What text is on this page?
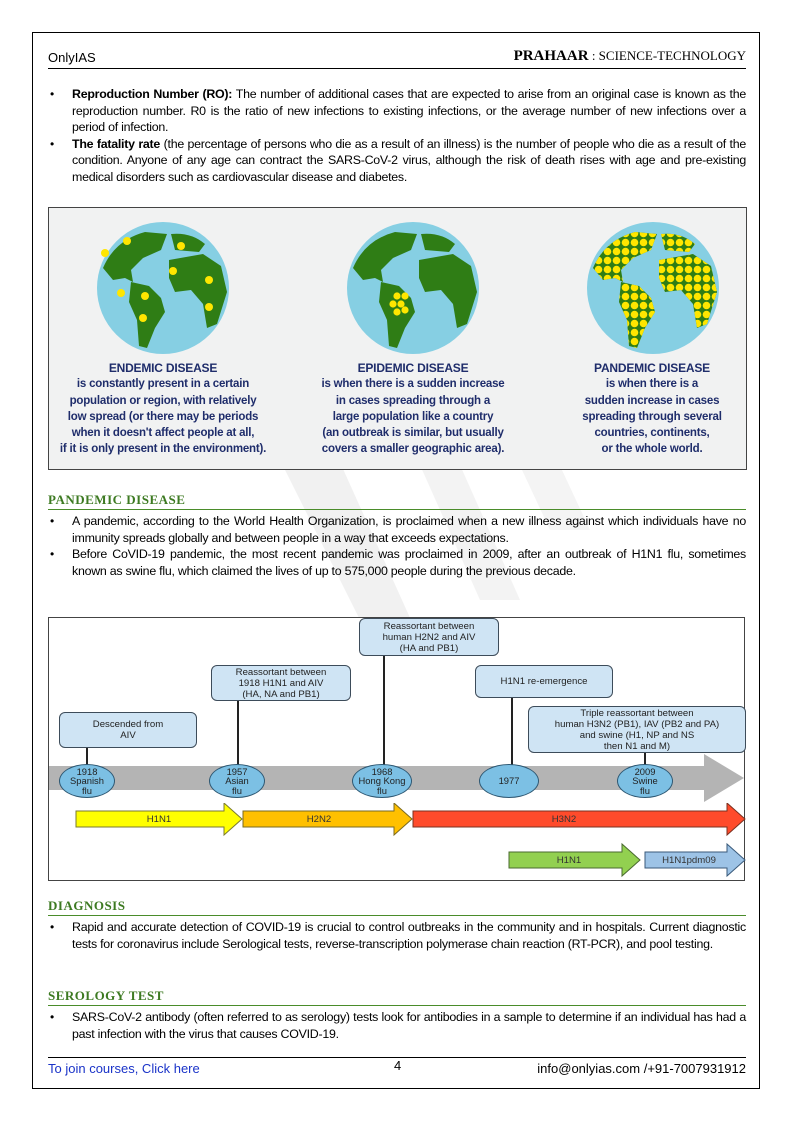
OnlyIAS	PRAHAAR : SCIENCE-TECHNOLOGY
• Reproduction Number (RO): The number of additional cases that are expected to arise from an original case is known as the reproduction number. R0 is the ratio of new infections to existing infections, or the average number of new infections over a period of infection.
• The fatality rate (the percentage of persons who die as a result of an illness) is the number of people who die as a result of the condition. Anyone of any age can contract the SARS-CoV-2 virus, although the risk of death rises with age and pre-existing medical disorders such as cardiovascular disease and diabetes.
ENDEMIC DISEASE
is constantly present in a certain
population or region, with relatively
low spread (or there may be periods
when it doesn't affect people at all,
if it is only present in the environment).
EPIDEMIC DISEASE
is when there is a sudden increase
in cases spreading through a
large population like a country
(an outbreak is similar, but usually
covers a smaller geographic area).
PANDEMIC DISEASE
is when there is a
sudden increase in cases
spreading through several
countries, continents,
or the whole world.
PANDEMIC DISEASE
• A pandemic, according to the World Health Organization, is proclaimed when a new illness against which individuals have no immunity spreads globally and between people in a way that exceeds expectations.
• Before CoVID-19 pandemic, the most recent pandemic was proclaimed in 2009, after an outbreak of H1N1 flu, sometimes known as swine flu, which claimed the lives of up to 575,000 people during the previous decade.
Descended from
AIV
Reassortant between
1918 H1N1 and AIV
(HA, NA and PB1)
Reassortant between
human H2N2 and AIV
(HA and PB1)
H1N1 re-emergence
Triple reassortant between
human H3N2 (PB1), IAV (PB2 and PA)
and swine (H1, NP and NS
then N1 and M)
1918
Spanish
flu
1957
Asian
flu
1968
Hong Kong
flu
1977
2009
Swine
flu
H1N1	H2N2	H3N2
H1N1	H1N1pdm09
DIAGNOSIS
• Rapid and accurate detection of COVID-19 is crucial to control outbreaks in the community and in hospitals. Current diagnostic tests for coronavirus include Serological tests, reverse-transcription polymerase chain reaction (RT-PCR), and pool testing.
SEROLOGY TEST
• SARS-CoV-2 antibody (often referred to as serology) tests look for antibodies in a sample to determine if an individual has had a past infection with the virus that causes COVID-19.
To join courses, Click here	4	info@onlyias.com /+91-7007931912
